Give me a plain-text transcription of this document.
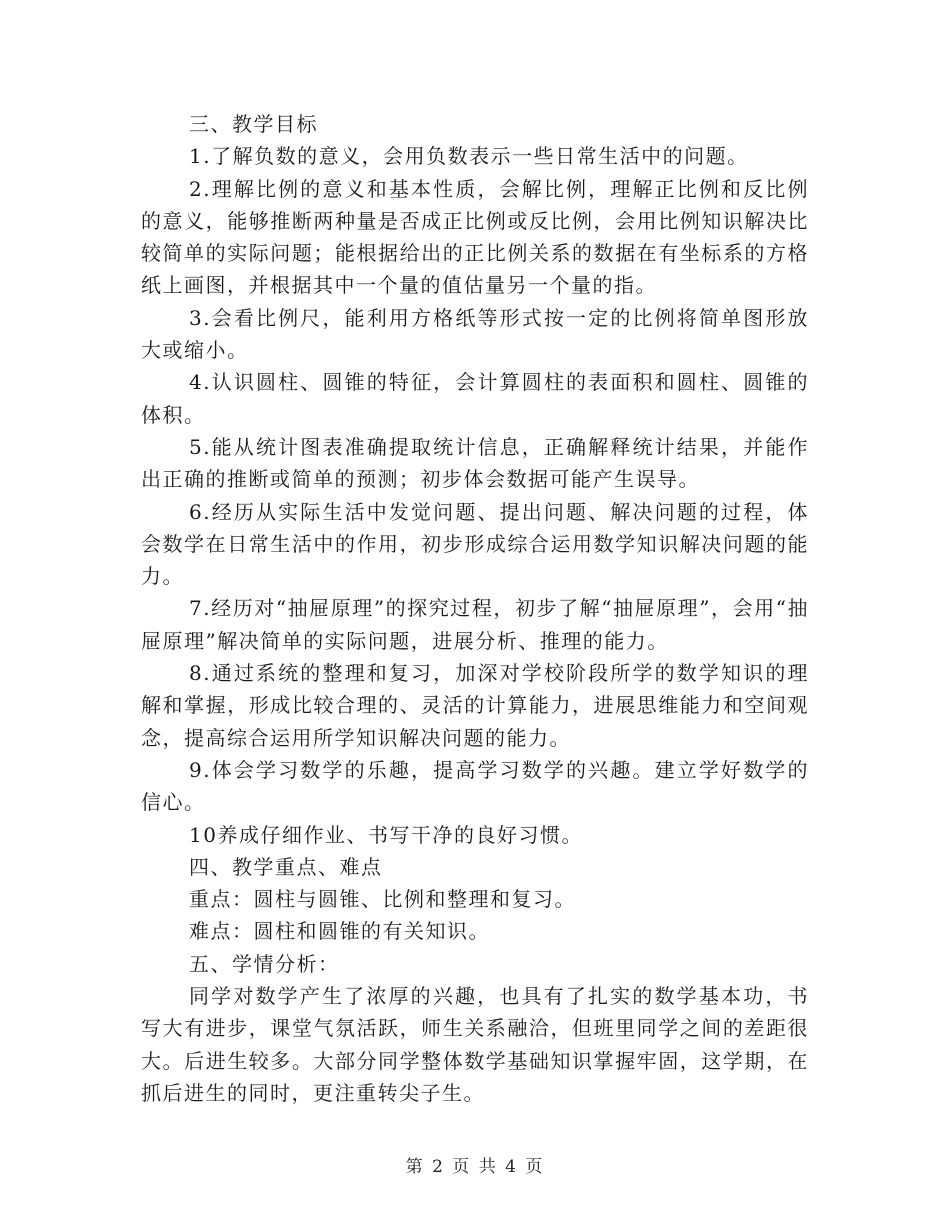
三、教学目标

1.了解负数的意义，会用负数表示一些日常生活中的问题。

2.理解比例的意义和基本性质，会解比例，理解正比例和反比例的意义，能够推断两种量是否成正比例或反比例，会用比例知识解决比较简单的实际问题；能根据给出的正比例关系的数据在有坐标系的方格纸上画图，并根据其中一个量的值估量另一个量的指。

3.会看比例尺，能利用方格纸等形式按一定的比例将简单图形放大或缩小。

4.认识圆柱、圆锥的特征，会计算圆柱的表面积和圆柱、圆锥的体积。

5.能从统计图表准确提取统计信息，正确解释统计结果，并能作出正确的推断或简单的预测；初步体会数据可能产生误导。

6.经历从实际生活中发觉问题、提出问题、解决问题的过程，体会数学在日常生活中的作用，初步形成综合运用数学知识解决问题的能力。

7.经历对“抽屉原理”的探究过程，初步了解“抽屉原理”，会用“抽屉原理”解决简单的实际问题，进展分析、推理的能力。

8.通过系统的整理和复习，加深对学校阶段所学的数学知识的理解和掌握，形成比较合理的、灵活的计算能力，进展思维能力和空间观念，提高综合运用所学知识解决问题的能力。

9.体会学习数学的乐趣，提高学习数学的兴趣。建立学好数学的信心。

10养成仔细作业、书写干净的良好习惯。

四、教学重点、难点

重点：圆柱与圆锥、比例和整理和复习。

难点：圆柱和圆锥的有关知识。

五、学情分析：

同学对数学产生了浓厚的兴趣，也具有了扎实的数学基本功，书写大有进步，课堂气氛活跃，师生关系融洽，但班里同学之间的差距很大。后进生较多。大部分同学整体数学基础知识掌握牢固，这学期，在抓后进生的同时，更注重转尖子生。

第 2 页 共 4 页
